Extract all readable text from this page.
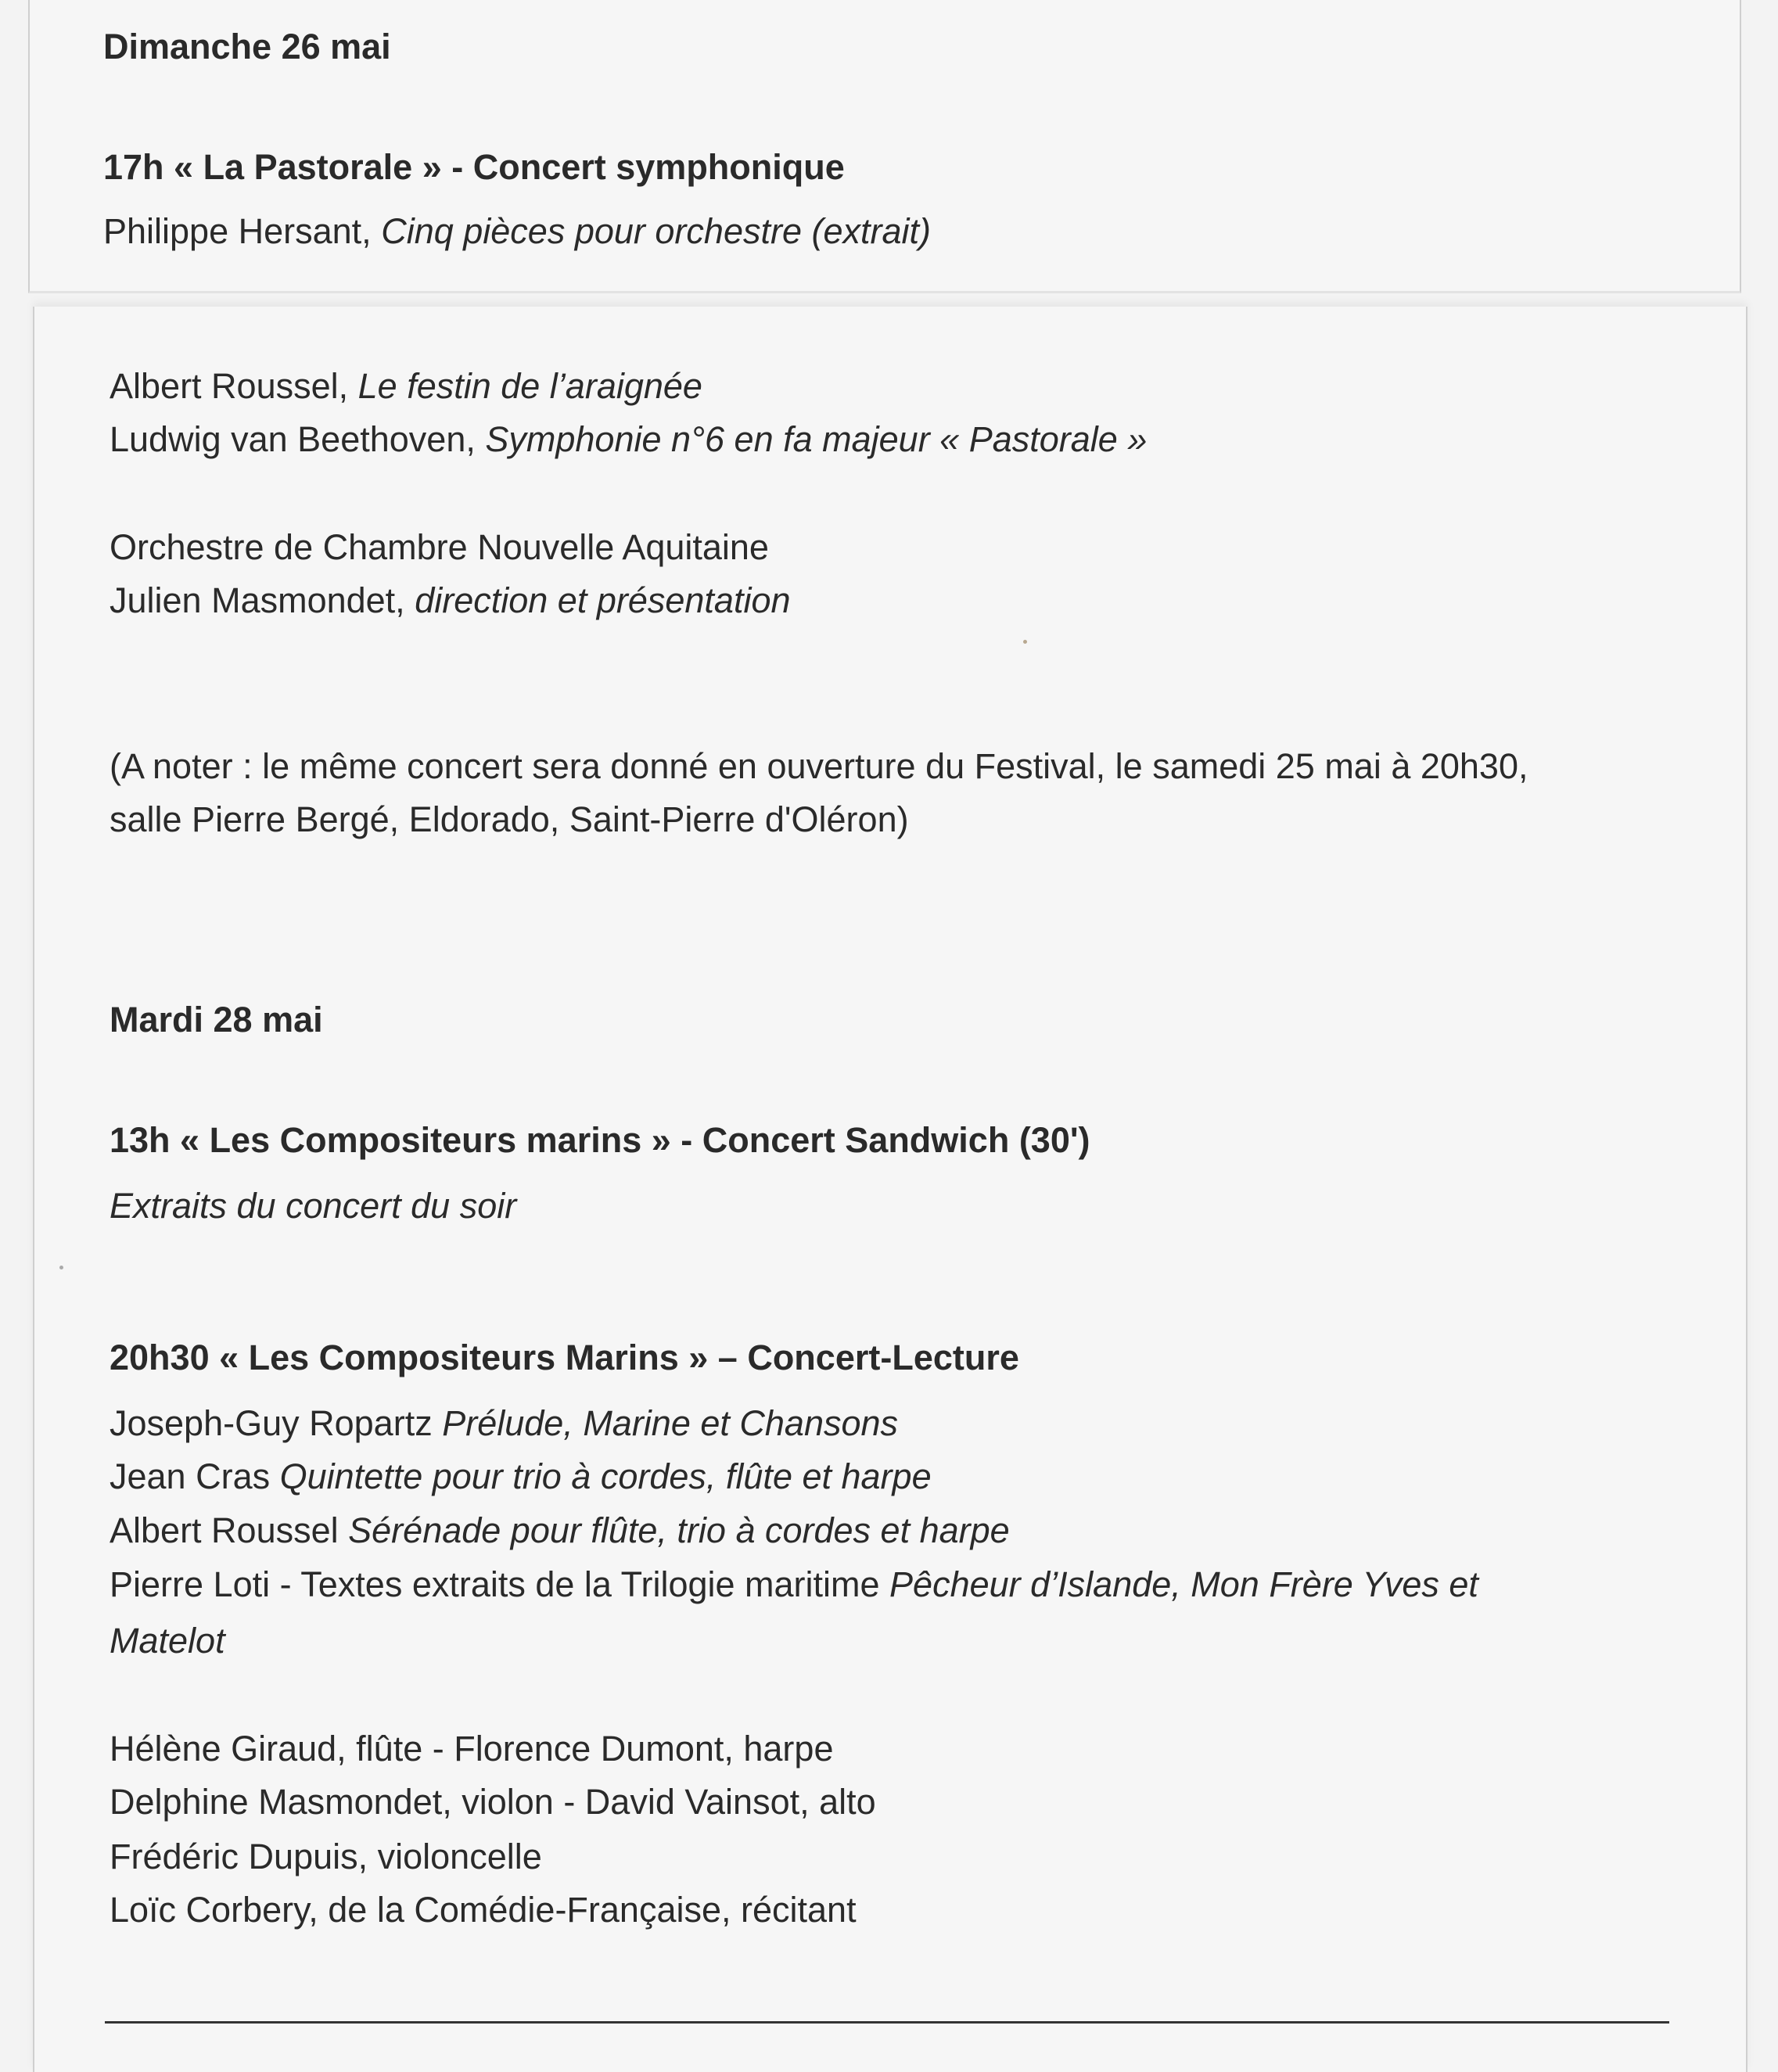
Dimanche 26 mai
17h « La Pastorale » - Concert symphonique
Philippe Hersant, Cinq pièces pour orchestre (extrait)
Albert Roussel, Le festin de l’araignée
Ludwig van Beethoven, Symphonie n°6 en fa majeur « Pastorale »
Orchestre de Chambre Nouvelle Aquitaine
Julien Masmondet, direction et présentation
(A noter : le même concert sera donné en ouverture du Festival, le samedi 25 mai à 20h30,
salle Pierre Bergé, Eldorado, Saint-Pierre d'Oléron)
Mardi 28 mai
13h « Les Compositeurs marins » - Concert Sandwich (30')
Extraits du concert du soir
20h30 « Les Compositeurs Marins » – Concert-Lecture
Joseph-Guy Ropartz Prélude, Marine et Chansons
Jean Cras Quintette pour trio à cordes, flûte et harpe
Albert Roussel Sérénade pour flûte, trio à cordes et harpe
Pierre Loti - Textes extraits de la Trilogie maritime Pêcheur d’Islande, Mon Frère Yves et
Matelot
Hélène Giraud, flûte - Florence Dumont, harpe
Delphine Masmondet, violon - David Vainsot, alto
Frédéric Dupuis, violoncelle
Loïc Corbery, de la Comédie-Française, récitant
